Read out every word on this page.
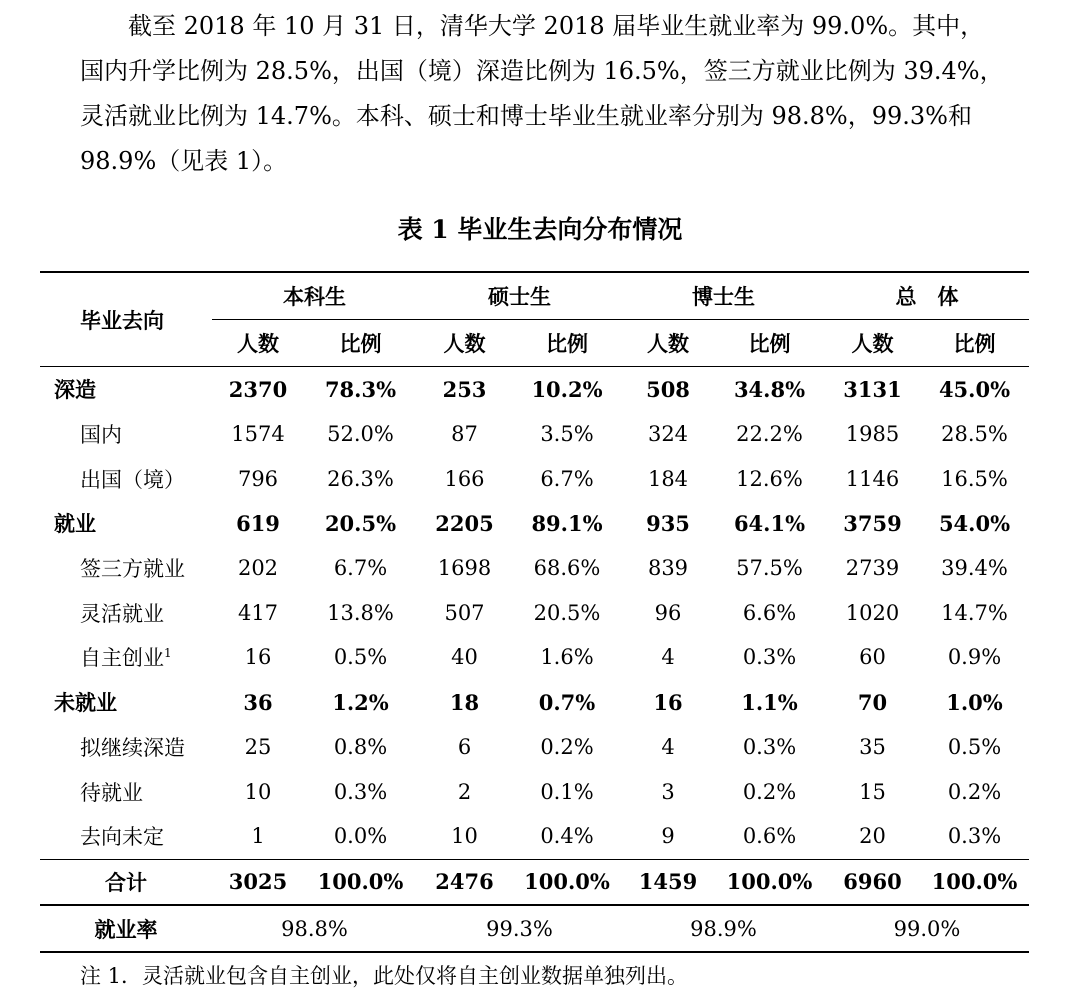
截至 2018 年 10 月 31 日，清华大学 2018 届毕业生就业率为 99.0%。其中，
国内升学比例为 28.5%，出国（境）深造比例为 16.5%，签三方就业比例为 39.4%，
灵活就业比例为 14.7%。本科、硕士和博士毕业生就业率分别为 98.8%，99.3%和
98.9%（见表 1）。
表 1 毕业生去向分布情况
毕业去向	本科生		硕士生		博士生		总　体	
	人数	比例	人数	比例	人数	比例	人数	比例
深造	2370	78.3%	253	10.2%	508	34.8%	3131	45.0%
国内	1574	52.0%	87	3.5%	324	22.2%	1985	28.5%
出国（境）	796	26.3%	166	6.7%	184	12.6%	1146	16.5%
就业	619	20.5%	2205	89.1%	935	64.1%	3759	54.0%
签三方就业	202	6.7%	1698	68.6%	839	57.5%	2739	39.4%
灵活就业	417	13.8%	507	20.5%	96	6.6%	1020	14.7%
自主创业$^1$	16	0.5%	40	1.6%	4	0.3%	60	0.9%
未就业	36	1.2%	18	0.7%	16	1.1%	70	1.0%
拟继续深造	25	0.8%	6	0.2%	4	0.3%	35	0.5%
待就业	10	0.3%	2	0.1%	3	0.2%	15	0.2%
去向未定	1	0.0%	10	0.4%	9	0.6%	20	0.3%
合计	3025	100.0%	2476	100.0%	1459	100.0%	6960	100.0%
就业率	98.8%		99.3%		98.9%		99.0%	
注 1．灵活就业包含自主创业，此处仅将自主创业数据单独列出。
